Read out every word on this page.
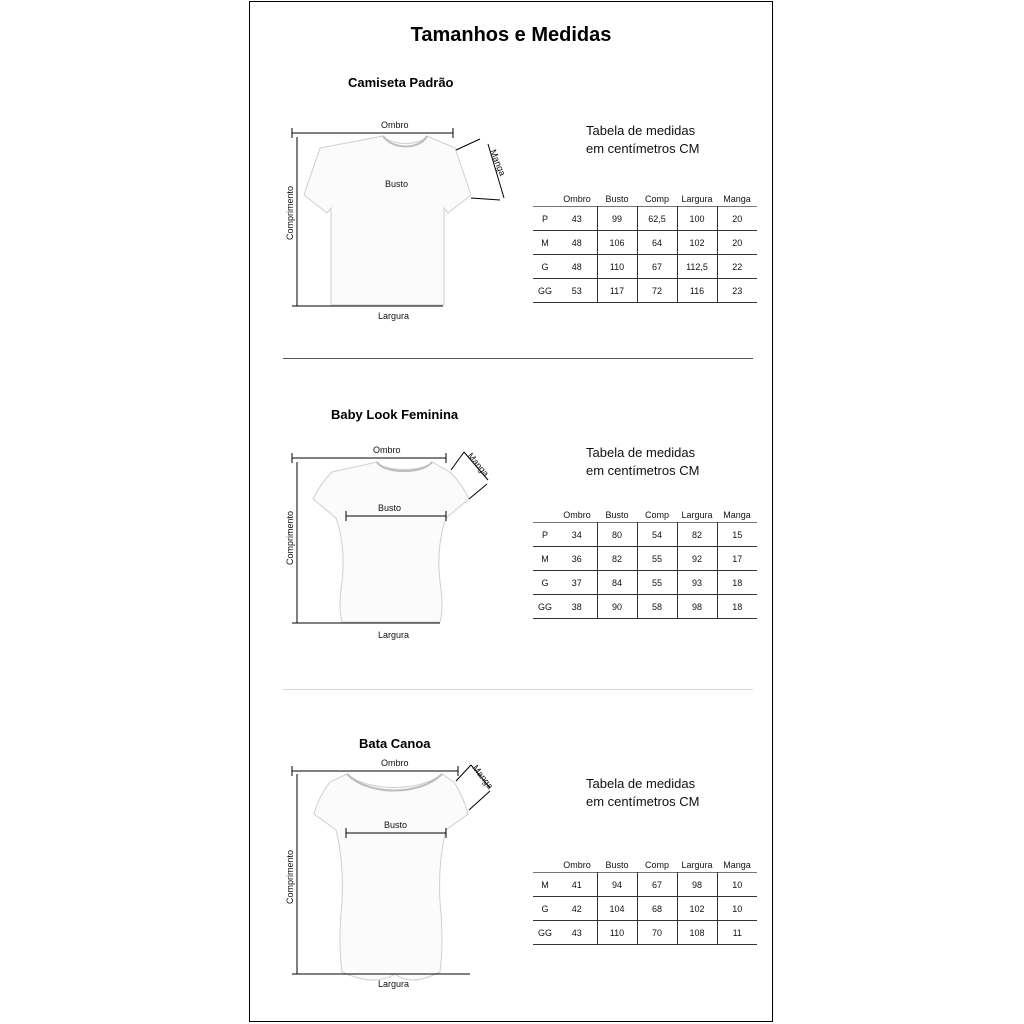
Tamanhos e Medidas
Camiseta Padrão
Ombro
Comprimento
Largura
Busto
Manga
Tabela de medidas
em centímetros CM
	Ombro	Busto	Comp	Largura	Manga
P	43	99	62,5	100	20
M	48	106	64	102	20
G	48	110	67	112,5	22
GG	53	117	72	116	23
Baby Look Feminina
Ombro
Comprimento
Largura
Busto
Manga	Tabela de medidas
em centímetros CM
	Ombro	Busto	Comp	Largura	Manga
P	34	80	54	82	15
M	36	82	55	92	17
G	37	84	55	93	18
GG	38	90	58	98	18
Bata Canoa
Ombro
Comprimento
Largura
Busto
Manga	Tabela de medidas
em centímetros CM
	Ombro	Busto	Comp	Largura	Manga
M	41	94	67	98	10
G	42	104	68	102	10
GG	43	110	70	108	11
